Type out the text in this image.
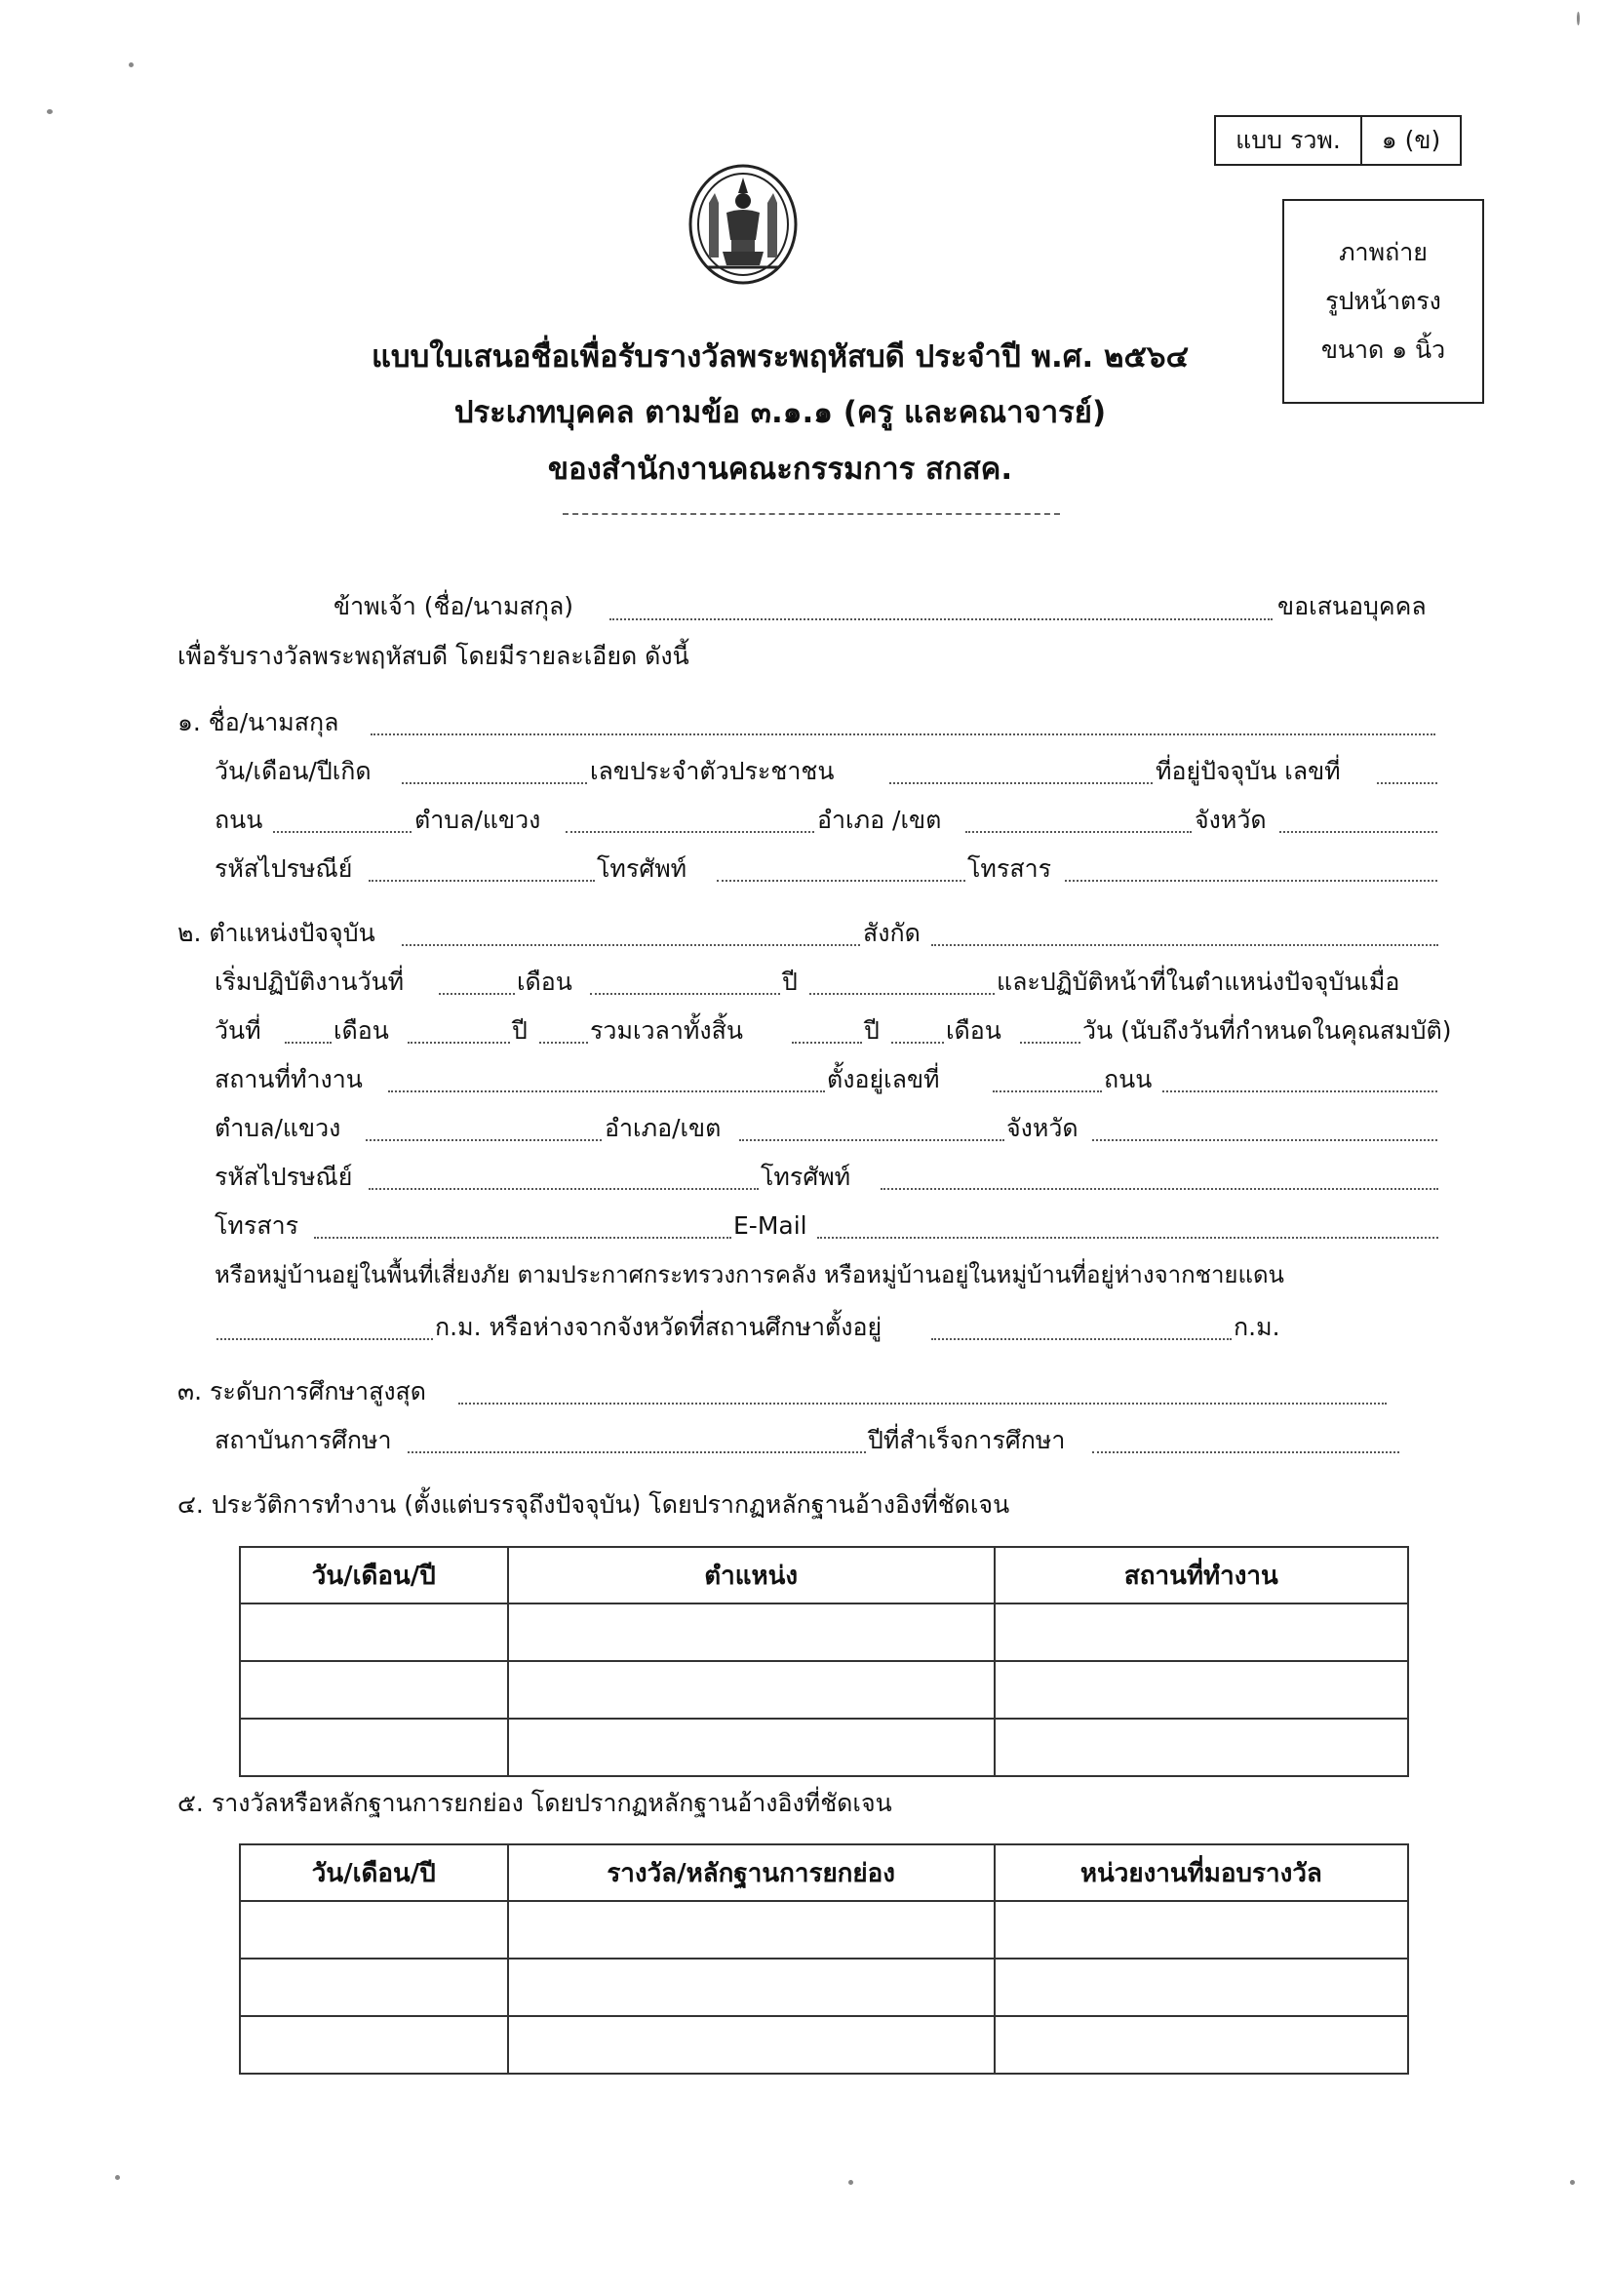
แบบ รวพ.	๑ (ข)
ภาพถ่าย
รูปหน้าตรง
ขนาด ๑ นิ้ว
แบบใบเสนอชื่อเพื่อรับรางวัลพระพฤหัสบดี ประจำปี พ.ศ. ๒๕๖๔
ประเภทบุคคล ตามข้อ ๓.๑.๑ (ครู และคณาจารย์)
ของสำนักงานคณะกรรมการ สกสค.
ข้าพเจ้า (ชื่อ/นามสกุล)	ขอเสนอบุคคล
เพื่อรับรางวัลพระพฤหัสบดี โดยมีรายละเอียด ดังนี้
๑. ชื่อ/นามสกุล
วัน/เดือน/ปีเกิด	เลขประจำตัวประชาชน	ที่อยู่ปัจจุบัน เลขที่
ถนน	ตำบล/แขวง	อำเภอ /เขต	จังหวัด
รหัสไปรษณีย์	โทรศัพท์	โทรสาร
๒. ตำแหน่งปัจจุบัน	สังกัด
เริ่มปฏิบัติงานวันที่	เดือน	ปี	และปฏิบัติหน้าที่ในตำแหน่งปัจจุบันเมื่อ
วันที่	เดือน	ปี	รวมเวลาทั้งสิ้น	ปี	เดือน	วัน (นับถึงวันที่กำหนดในคุณสมบัติ)
สถานที่ทำงาน	ตั้งอยู่เลขที่	ถนน
ตำบล/แขวง	อำเภอ/เขต	จังหวัด
รหัสไปรษณีย์	โทรศัพท์
โทรสาร	E-Mail
หรือหมู่บ้านอยู่ในพื้นที่เสี่ยงภัย ตามประกาศกระทรวงการคลัง หรือหมู่บ้านอยู่ในหมู่บ้านที่อยู่ห่างจากชายแดน
ก.ม. หรือห่างจากจังหวัดที่สถานศึกษาตั้งอยู่	ก.ม.
๓. ระดับการศึกษาสูงสุด
สถาบันการศึกษา	ปีที่สำเร็จการศึกษา
๔. ประวัติการทำงาน (ตั้งแต่บรรจุถึงปัจจุบัน) โดยปรากฏหลักฐานอ้างอิงที่ชัดเจน
วัน/เดือน/ปี	ตำแหน่ง	สถานที่ทำงาน

๕. รางวัลหรือหลักฐานการยกย่อง โดยปรากฏหลักฐานอ้างอิงที่ชัดเจน
วัน/เดือน/ปี	รางวัล/หลักฐานการยกย่อง	หน่วยงานที่มอบรางวัล
